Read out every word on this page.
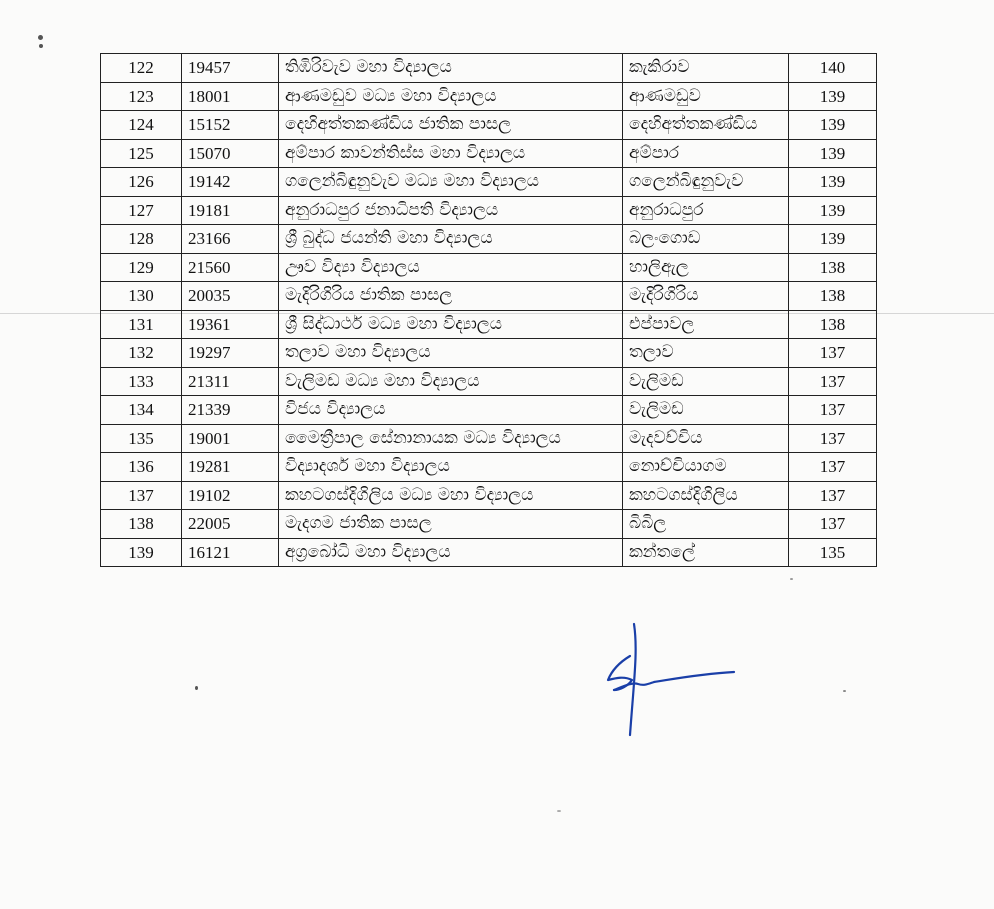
122	19457	තිඹිරිවැව මහා විද්‍යාලය	කැකිරාව	140
123	18001	ආණමඩුව මධ්‍ය මහා විද්‍යාලය	ආණමඩුව	139
124	15152	දෙහිඅත්තකණ්ඩිය ජාතික පාසල	දෙහිඅත්තකණ්ඩිය	139
125	15070	අම්පාර කාවන්තිස්ස මහා විද්‍යාලය	අම්පාර	139
126	19142	ගලෙන්බිඳුනුවැව මධ්‍ය මහා විද්‍යාලය	ගලෙන්බිඳුනුවැව	139
127	19181	අනුරාධපුර ජනාධිපති විද්‍යාලය	අනුරාධපුර	139
128	23166	ශ්‍රී බුද්ධ ජයන්ති මහා විද්‍යාලය	බලංගොඩ	139
129	21560	ඌව විද්‍යා විද්‍යාලය	හාලිඇල	138
130	20035	මැදිරිගිරිය ජාතික පාසල	මැදිරිගිරිය	138
131	19361	ශ්‍රී සිද්ධාර්ථ මධ්‍ය මහා විද්‍යාලය	එප්පාවල	138
132	19297	තලාව මහා විද්‍යාලය	තලාව	137
133	21311	වැලිමඩ මධ්‍ය මහා විද්‍යාලය	වැලිමඩ	137
134	21339	විජය විද්‍යාලය	වැලිමඩ	137
135	19001	මෛත්‍රීපාල සේනානායක මධ්‍ය විද්‍යාලය	මැදවච්චිය	137
136	19281	විද්‍යාදර්ශ මහා විද්‍යාලය	නොච්චියාගම	137
137	19102	කහටගස්දිගිලිය මධ්‍ය මහා විද්‍යාලය	කහටගස්දිගිලිය	137
138	22005	මැදගම ජාතික පාසල	බිබිල	137
139	16121	අග්‍රබෝධි මහා විද්‍යාලය	කන්තලේ	135
